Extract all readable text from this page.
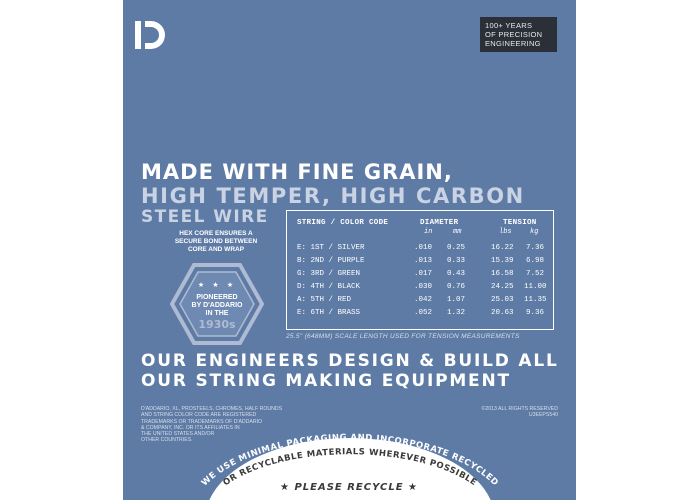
100+ YEARS
OF PRECISION
ENGINEERING
MADE WITH FINE GRAIN,
HIGH TEMPER, HIGH CARBON
STEEL WIRE
HEX CORE ENSURES A
SECURE BOND BETWEEN
CORE AND WRAP
★ ★ ★
PIONEERED
BY D'ADDARIO
IN THE
1930s
STRING / COLOR CODE	DIAMETER	TENSION
in	mm	lbs	kg
E: 1ST / SILVER	.010 0.25	16.22 7.36
B: 2ND / PURPLE	.013 0.33	15.39 6.98
G: 3RD / GREEN	.017 0.43	16.58 7.52
D: 4TH / BLACK	.030 0.76	24.25 11.00
A: 5TH / RED	.042 1.07	25.03 11.35
E: 6TH / BRASS	.052 1.32	20.63 9.36
25.5" (648MM) SCALE LENGTH USED FOR TENSION MEASUREMENTS
OUR ENGINEERS DESIGN & BUILD ALL
OUR STRING MAKING EQUIPMENT
D'ADDARIO, XL, PROSTEELS, CHROMES, HALF ROUNDS
AND STRING COLOR CODE ARE REGISTERED
TRADEMARKS OR TRADEMARKS OF D'ADDARIO
& COMPANY, INC. OR ITS AFFILIATES IN
THE UNITED STATES AND/OR
OTHER COUNTRIES.
©2013 ALL RIGHTS RESERVED
U3EEPS540
WE USE MINIMAL PACKAGING AND INCORPORATE RECYCLED
OR RECYCLABLE MATERIALS WHEREVER POSSIBLE
★ PLEASE RECYCLE ★
